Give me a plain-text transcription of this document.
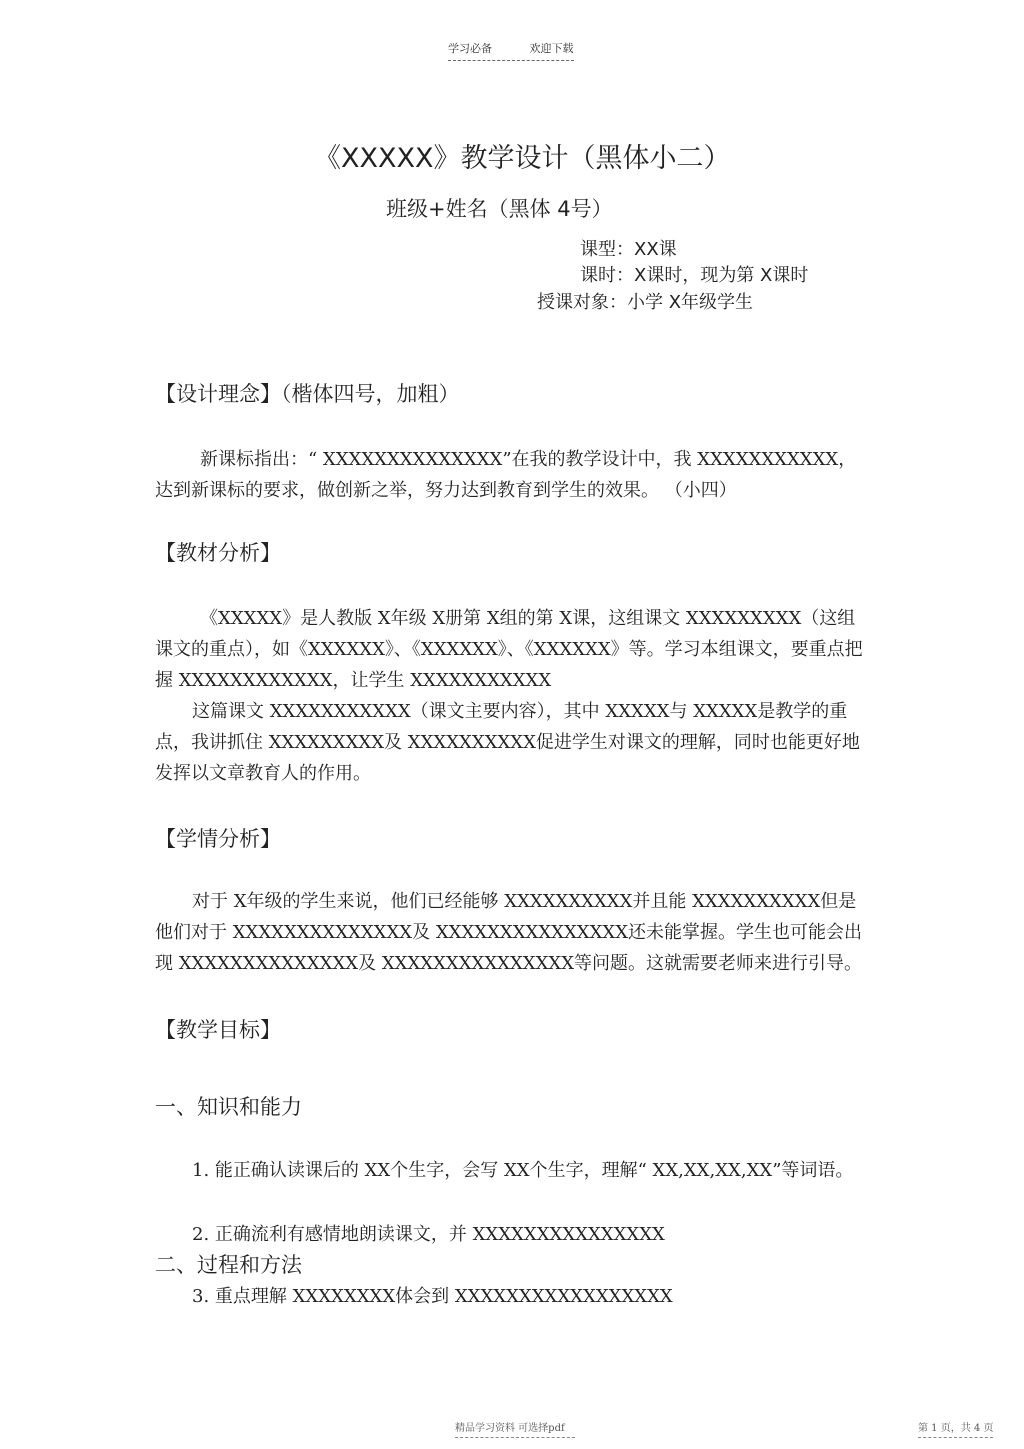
学习必备	欢迎下载
《XXXXX》教学设计（黑体小二）
班级+姓名（黑体 4号）
课型：XX课
课时：X课时，现为第 X课时
授课对象：小学 X年级学生
【设计理念】（楷体四号，加粗）

新课标指出：“ XXXXXXXXXXXXXX”在我的教学设计中，我 XXXXXXXXXXX，达到新课标的要求，做创新之举，努力达到教育到学生的效果。 （小四）

【教材分析】

《XXXXX》是人教版 X年级 X册第 X组的第 X课，这组课文 XXXXXXXXX（这组课文的重点），如《XXXXXX》、《XXXXXX》、《XXXXXX》等。学习本组课文，要重点把握 XXXXXXXXXXXX，让学生 XXXXXXXXXXX

这篇课文 XXXXXXXXXXX（课文主要内容），其中 XXXXX与 XXXXX是教学的重点，我讲抓住 XXXXXXXXX及 XXXXXXXXXX促进学生对课文的理解，同时也能更好地发挥以文章教育人的作用。

【学情分析】

对于 X年级的学生来说，他们已经能够 XXXXXXXXXX并且能 XXXXXXXXXX但是他们对于 XXXXXXXXXXXXXX及 XXXXXXXXXXXXXXX还未能掌握。学生也可能会出现 XXXXXXXXXXXXXX及 XXXXXXXXXXXXXXX等问题。这就需要老师来进行引导。

【教学目标】
一、知识和能力

1. 能正确认读课后的 XX个生字，会写 XX个生字，理解“ XX,XX,XX,XX”等词语。

2. 正确流利有感情地朗读课文，并 XXXXXXXXXXXXXXX
二、过程和方法
3. 重点理解 XXXXXXXX体会到 XXXXXXXXXXXXXXXXX
精品学习资料 可选择pdf	第 1 页，共 4 页
